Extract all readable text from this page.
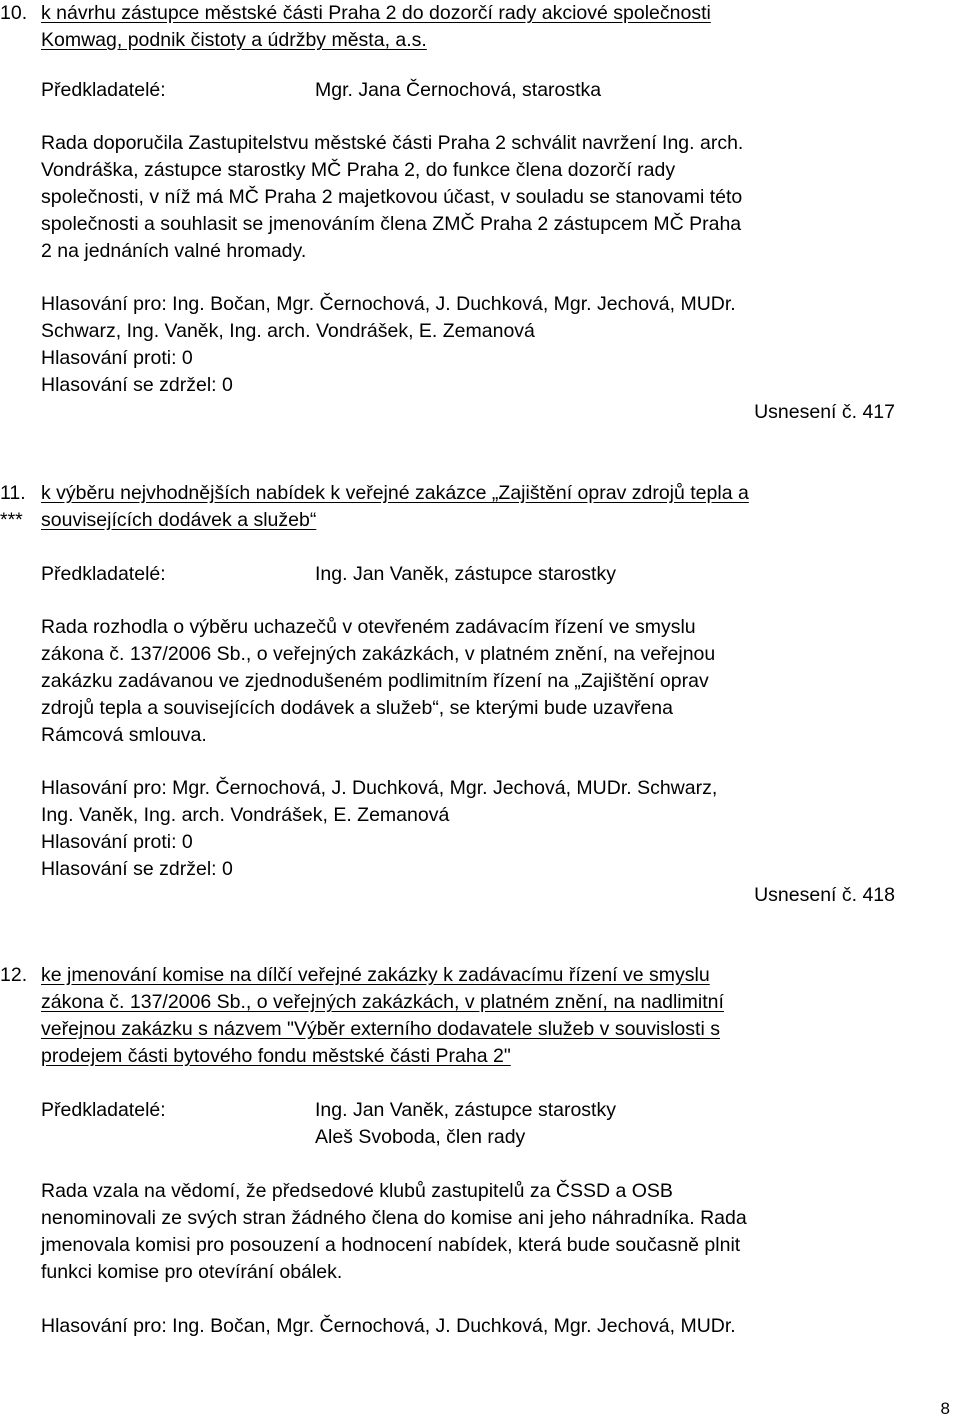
10. k návrhu zástupce městské části Praha 2 do dozorčí rady akciové společnosti
Komwag, podnik čistoty a údržby města, a.s.
Předkladatelé:	Mgr. Jana Černochová, starostka
Rada doporučila Zastupitelstvu městské části Praha 2 schválit navržení Ing. arch.
Vondráška, zástupce starostky MČ Praha 2, do funkce člena dozorčí rady
společnosti, v níž má MČ Praha 2 majetkovou účast, v souladu se stanovami této
společnosti a souhlasit se jmenováním člena ZMČ Praha 2 zástupcem MČ Praha
2 na jednáních valné hromady.
Hlasování pro: Ing. Bočan, Mgr. Černochová, J. Duchková, Mgr. Jechová, MUDr.
Schwarz, Ing. Vaněk, Ing. arch. Vondrášek, E. Zemanová
Hlasování proti: 0
Hlasování se zdržel: 0
Usnesení č. 417
11.
***
k výběru nejvhodnějších nabídek k veřejné zakázce „Zajištění oprav zdrojů tepla a
souvisejících dodávek a služeb“
Předkladatelé:	Ing. Jan Vaněk, zástupce starostky
Rada rozhodla o výběru uchazečů v otevřeném zadávacím řízení ve smyslu
zákona č. 137/2006 Sb., o veřejných zakázkách, v platném znění, na veřejnou
zakázku zadávanou ve zjednodušeném podlimitním řízení na „Zajištění oprav
zdrojů tepla a souvisejících dodávek a služeb“, se kterými bude uzavřena
Rámcová smlouva.
Hlasování pro: Mgr. Černochová, J. Duchková, Mgr. Jechová, MUDr. Schwarz,
Ing. Vaněk, Ing. arch. Vondrášek, E. Zemanová
Hlasování proti: 0
Hlasování se zdržel: 0
Usnesení č. 418
12. ke jmenování komise na dílčí veřejné zakázky k zadávacímu řízení ve smyslu
zákona č. 137/2006 Sb., o veřejných zakázkách, v platném znění, na nadlimitní
veřejnou zakázku s názvem "Výběr externího dodavatele služeb v souvislosti s
prodejem části bytového fondu městské části Praha 2"
Předkladatelé:	Ing. Jan Vaněk, zástupce starostky
Aleš Svoboda, člen rady
Rada vzala na vědomí, že předsedové klubů zastupitelů za ČSSD a OSB
nenominovali ze svých stran žádného člena do komise ani jeho náhradníka. Rada
jmenovala komisi pro posouzení a hodnocení nabídek, která bude současně plnit
funkci komise pro otevírání obálek.
Hlasování pro: Ing. Bočan, Mgr. Černochová, J. Duchková, Mgr. Jechová, MUDr.
8
